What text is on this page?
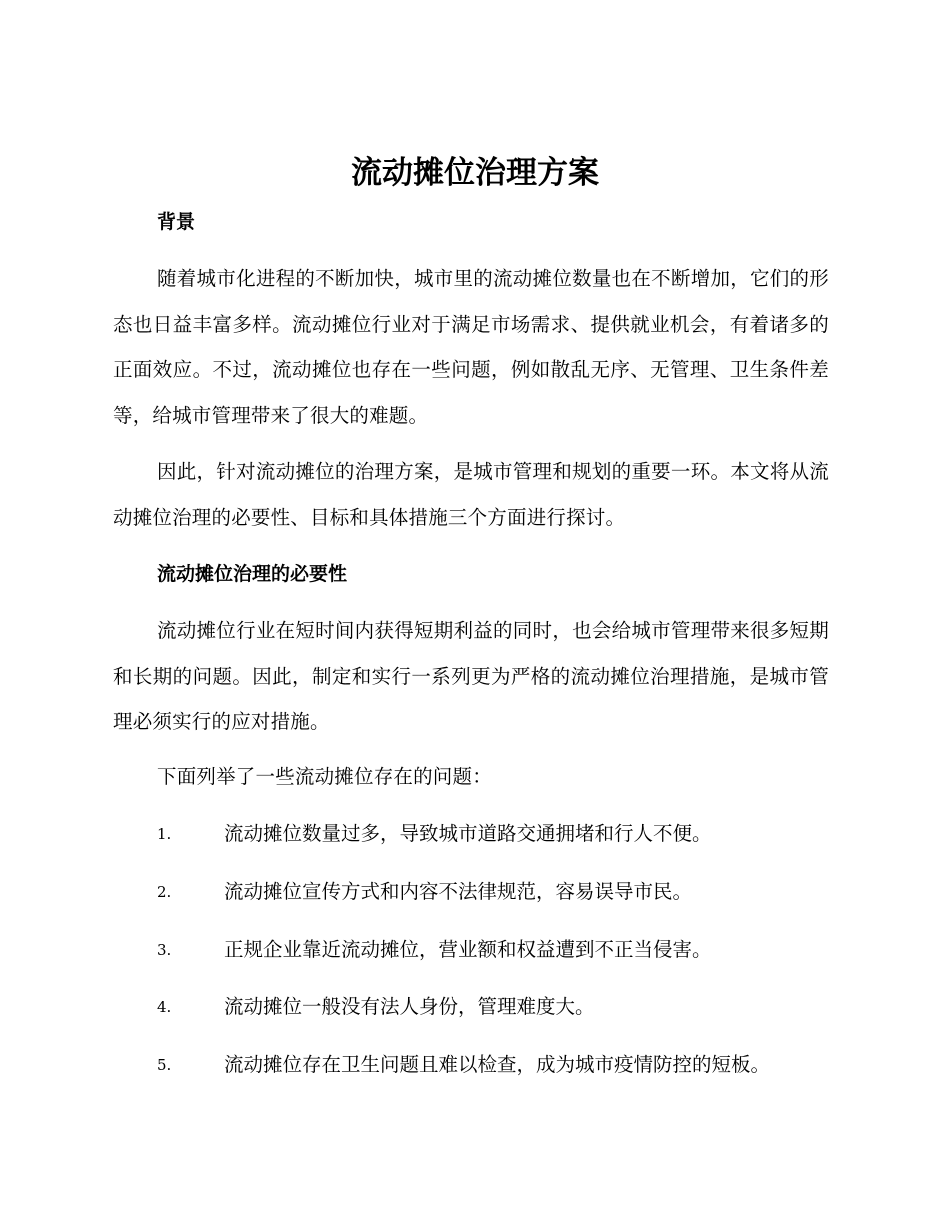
流动摊位治理方案
背景

随着城市化进程的不断加快，城市里的流动摊位数量也在不断增加，它们的形态也日益丰富多样。流动摊位行业对于满足市场需求、提供就业机会，有着诸多的正面效应。不过，流动摊位也存在一些问题，例如散乱无序、无管理、卫生条件差等，给城市管理带来了很大的难题。

因此，针对流动摊位的治理方案，是城市管理和规划的重要一环。本文将从流动摊位治理的必要性、目标和具体措施三个方面进行探讨。

流动摊位治理的必要性

流动摊位行业在短时间内获得短期利益的同时，也会给城市管理带来很多短期和长期的问题。因此，制定和实行一系列更为严格的流动摊位治理措施，是城市管理必须实行的应对措施。

下面列举了一些流动摊位存在的问题：

1.	流动摊位数量过多，导致城市道路交通拥堵和行人不便。
2.	流动摊位宣传方式和内容不法律规范，容易误导市民。
3.	正规企业靠近流动摊位，营业额和权益遭到不正当侵害。
4.	流动摊位一般没有法人身份，管理难度大。
5.	流动摊位存在卫生问题且难以检查，成为城市疫情防控的短板。
